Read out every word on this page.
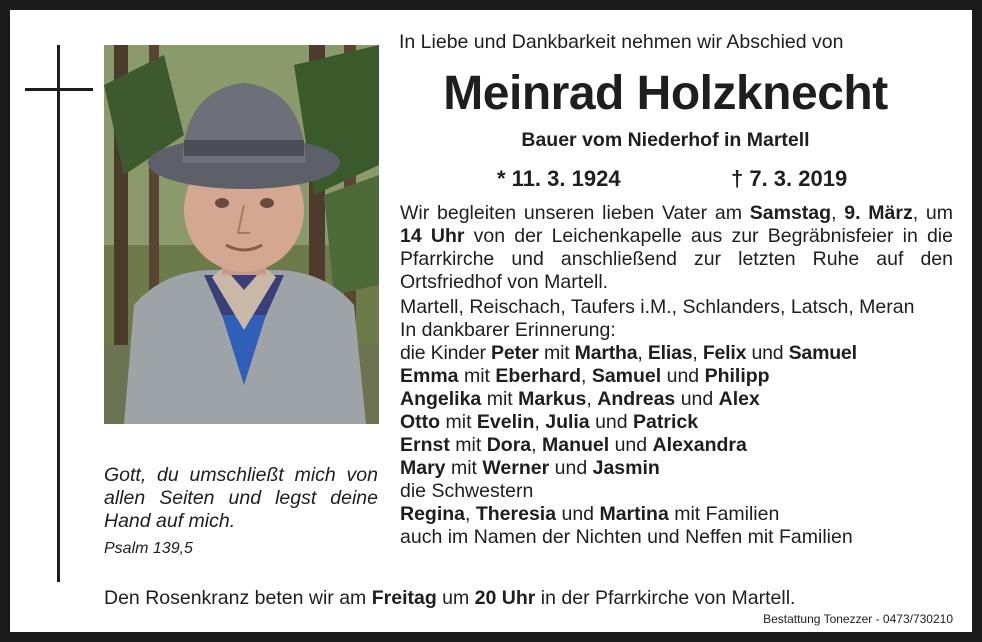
Gott, du umschließt mich von allen Seiten und legst deine Hand auf mich.
Psalm 139,5
In Liebe und Dankbarkeit nehmen wir Abschied von
Meinrad Holzknecht
Bauer vom Niederhof in Martell
* 11. 3. 1924	† 7. 3. 2019
Wir begleiten unseren lieben Vater am Samstag, 9. März, um 14 Uhr von der Leichenkapelle aus zur Begräbnisfeier in die Pfarrkirche und anschließend zur letzten Ruhe auf den Ortsfriedhof von Martell.
Martell, Reischach, Taufers i.M., Schlanders, Latsch, Meran
In dankbarer Erinnerung:
die Kinder Peter mit Martha, Elias, Felix und Samuel
Emma mit Eberhard, Samuel und Philipp
Angelika mit Markus, Andreas und Alex
Otto mit Evelin, Julia und Patrick
Ernst mit Dora, Manuel und Alexandra
Mary mit Werner und Jasmin
die Schwestern
Regina, Theresia und Martina mit Familien
auch im Namen der Nichten und Neffen mit Familien
Den Rosenkranz beten wir am Freitag um 20 Uhr in der Pfarrkirche von Martell.
Bestattung Tonezzer - 0473/730210
